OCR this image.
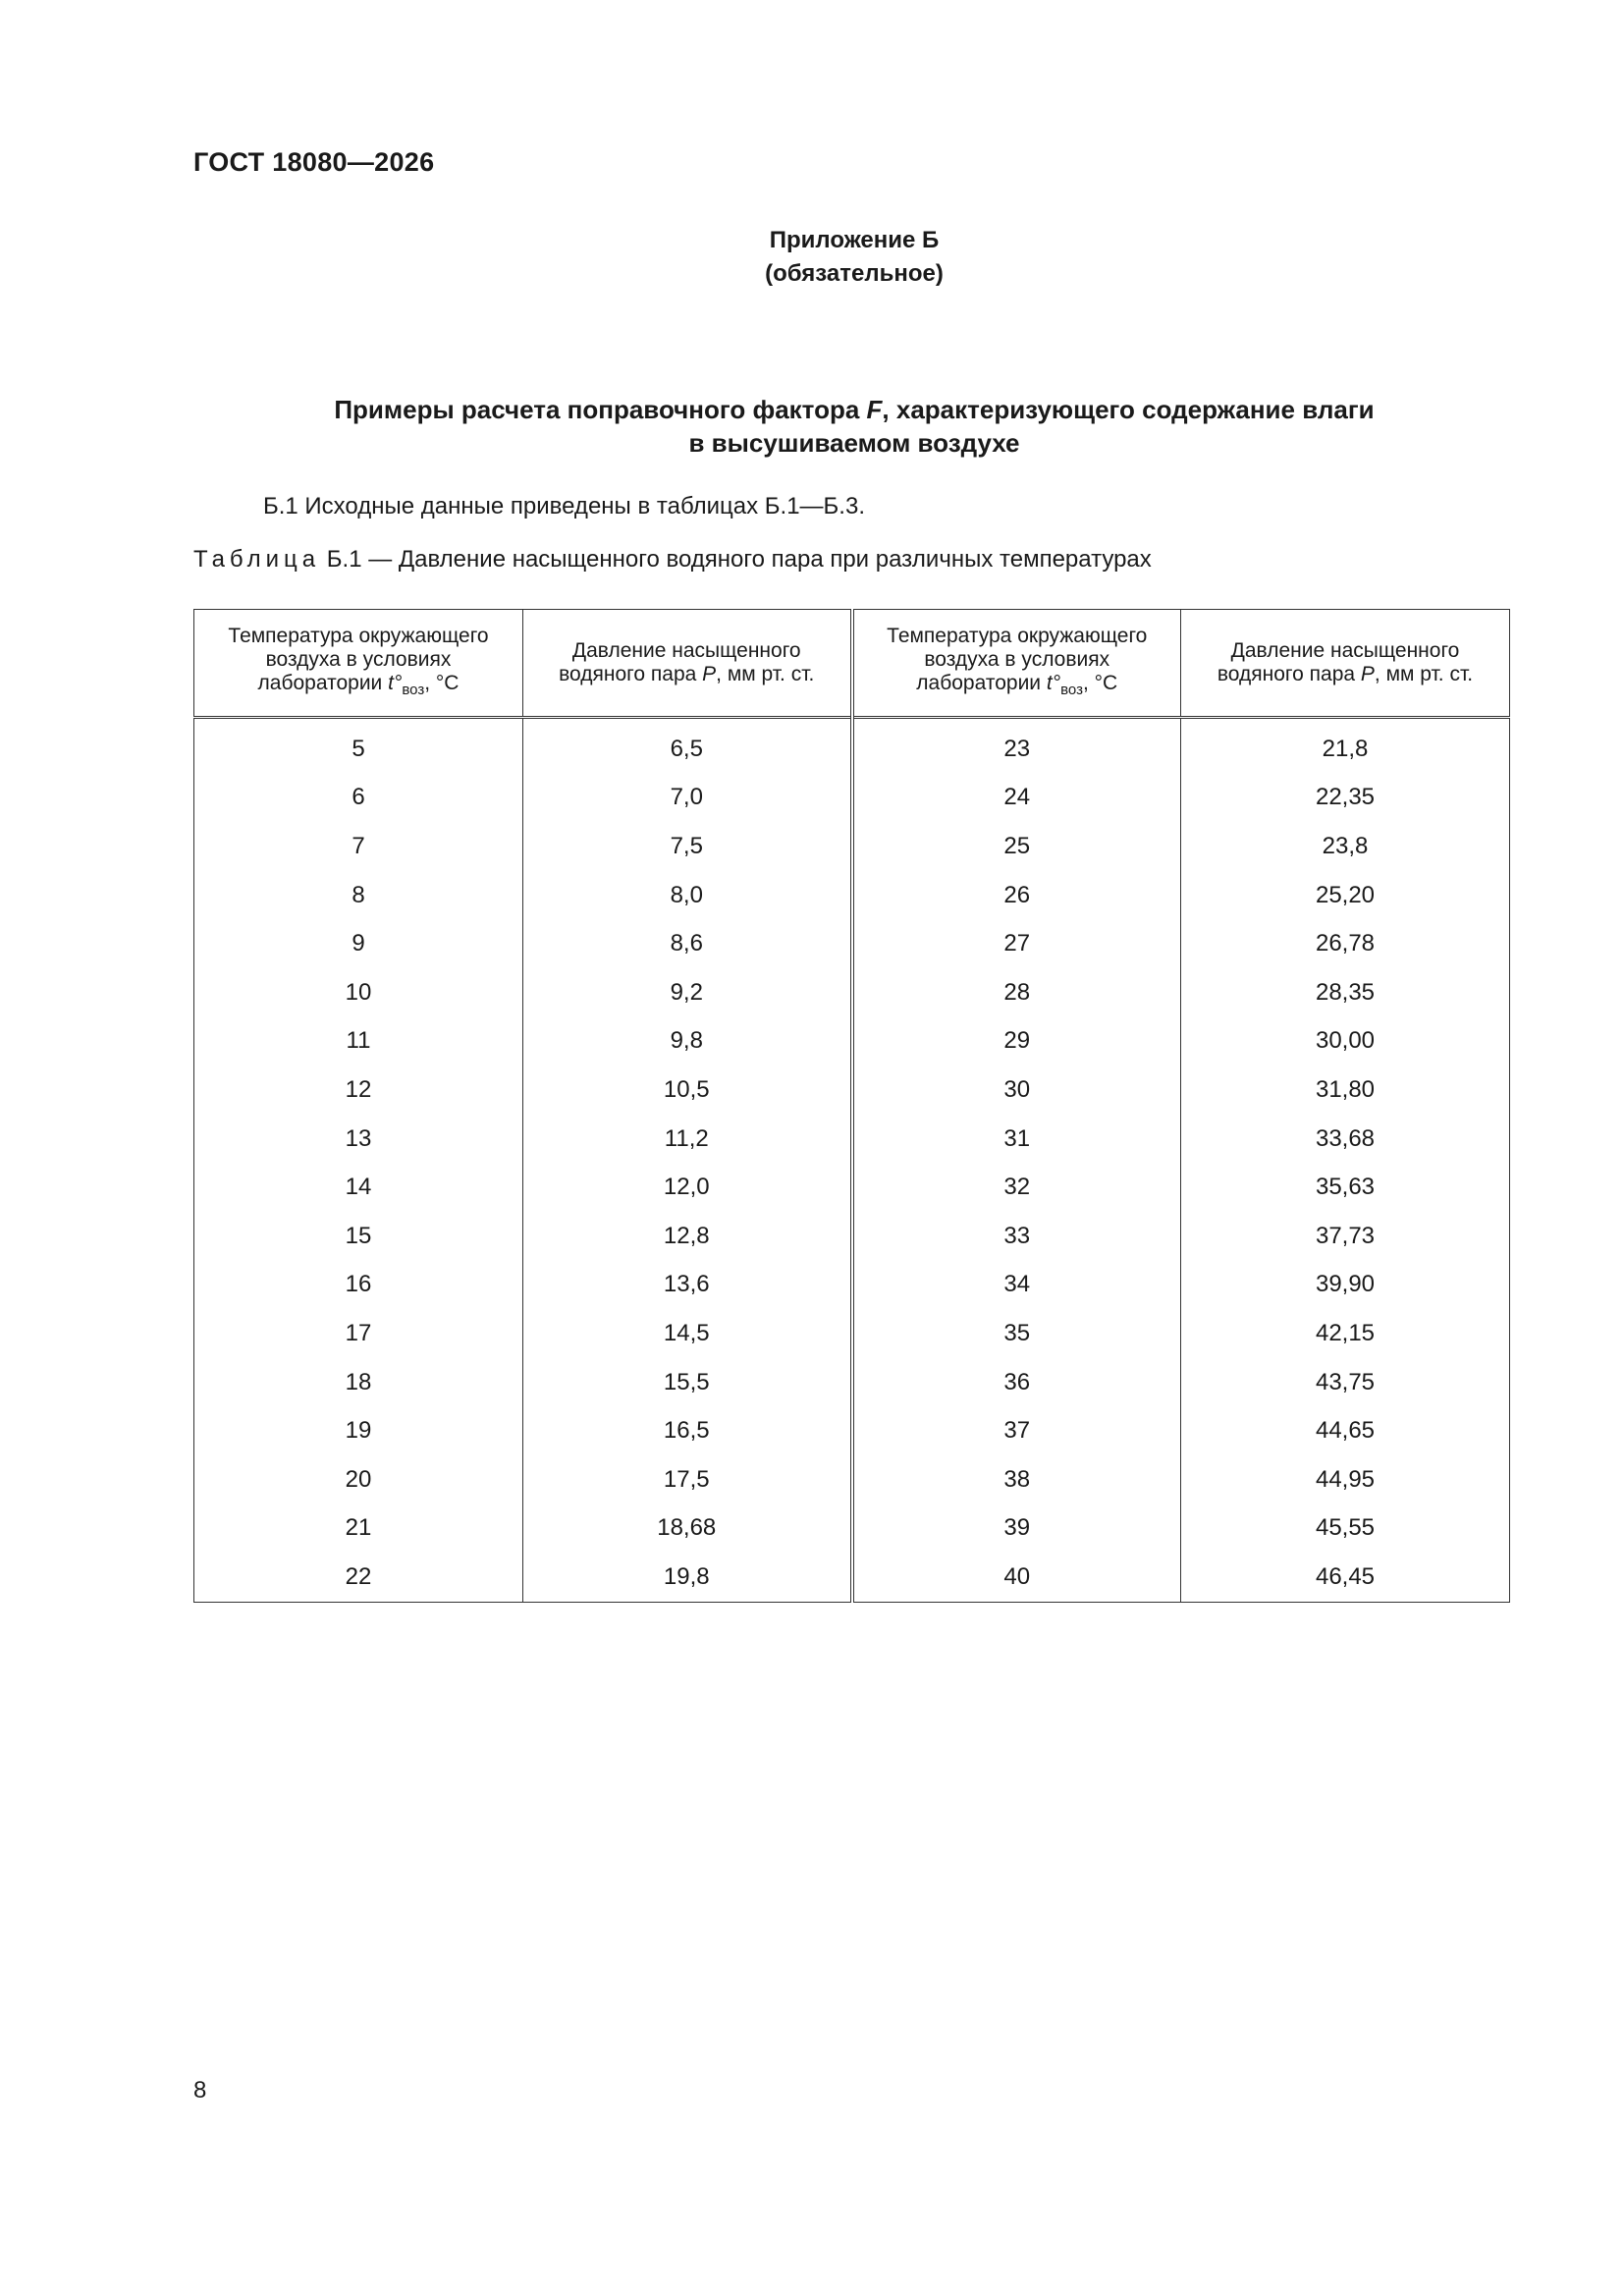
ГОСТ 18080—2026
Приложение Б
(обязательное)
Примеры расчета поправочного фактора F, характеризующего содержание влаги
в высушиваемом воздухе
Б.1 Исходные данные приведены в таблицах Б.1—Б.3.
Таблица Б.1 — Давление насыщенного водяного пара при различных температурах
Температура окружающего воздуха в условиях лаборатории $t^\circ_{воз}$, °С	Давление насыщенного водяного пара Р, мм рт. ст.	Температура окружающего воздуха в условиях лаборатории $t^\circ_{воз}$, °С	Давление насыщенного водяного пара Р, мм рт. ст.
5	6,5	23	21,8
6	7,0	24	22,35
7	7,5	25	23,8
8	8,0	26	25,20
9	8,6	27	26,78
10	9,2	28	28,35
11	9,8	29	30,00
12	10,5	30	31,80
13	11,2	31	33,68
14	12,0	32	35,63
15	12,8	33	37,73
16	13,6	34	39,90
17	14,5	35	42,15
18	15,5	36	43,75
19	16,5	37	44,65
20	17,5	38	44,95
21	18,68	39	45,55
22	19,8	40	46,45
8
